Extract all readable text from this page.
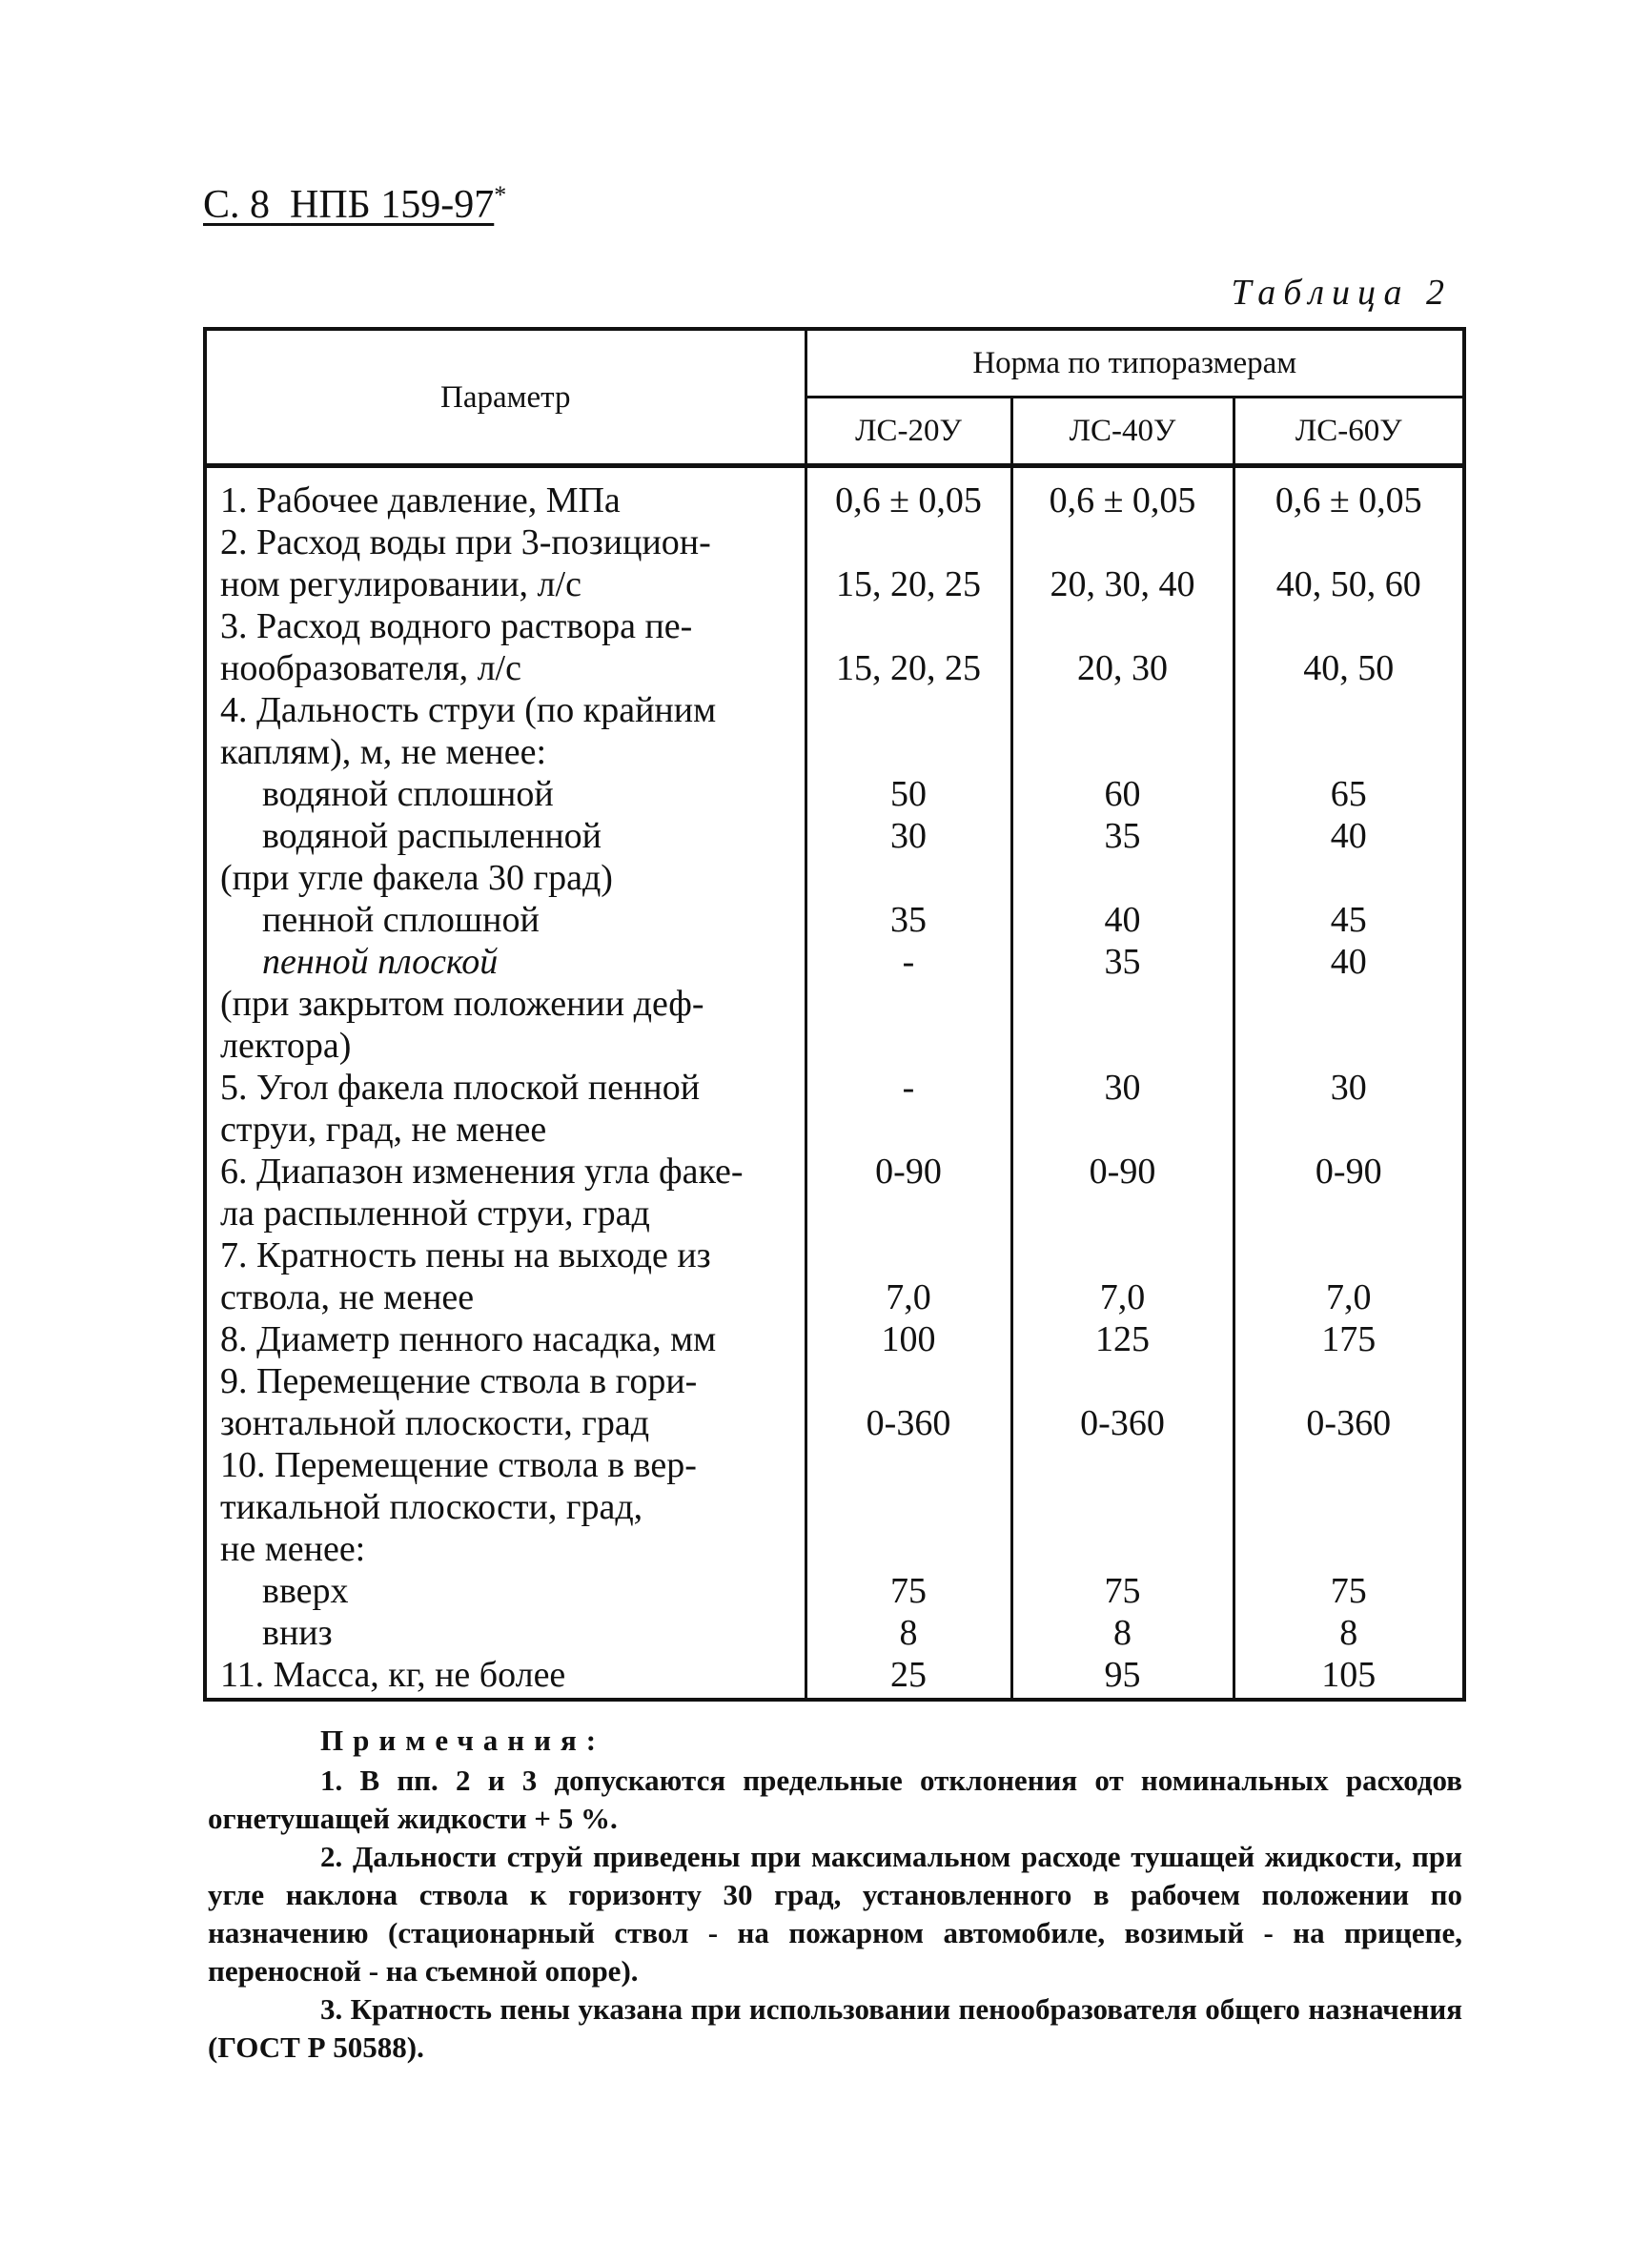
С. 8 НПБ 159-97*
Таблица 2
Параметр	Норма по типоразмерам		
	ЛС-20У	ЛС-40У	ЛС-60У
1. Рабочее давление, МПа	0,6 ± 0,05	0,6 ± 0,05	0,6 ± 0,05
2. Расход воды при 3-позицион-			
ном регулировании, л/с	15, 20, 25	20, 30, 40	40, 50, 60
3. Расход водного раствора пе-			
нообразователя, л/с	15, 20, 25	20, 30	40, 50
4. Дальность струи (по крайним			
каплям), м, не менее:			
водяной сплошной	50	60	65
водяной распыленной	30	35	40
(при угле факела 30 град)			
пенной сплошной	35	40	45
пенной плоской	-	35	40
(при закрытом положении деф-			
лектора)			
5. Угол факела плоской пенной	-	30	30
струи, град, не менее			
6. Диапазон изменения угла факе-	0-90	0-90	0-90
ла распыленной струи, град			
7. Кратность пены на выходе из			
ствола, не менее	7,0	7,0	7,0
8. Диаметр пенного насадка, мм	100	125	175
9. Перемещение ствола в гори-			
зонтальной плоскости, град	0-360	0-360	0-360
10. Перемещение ствола в вер-			
тикальной плоскости, град,			
не менее:			
вверх	75	75	75
вниз	8	8	8
11. Масса, кг, не более	25	95	105
Примечания:

1. В пп. 2 и 3 допускаются предельные отклонения от номинальных расходов огнетушащей жидкости + 5 %.

2. Дальности струй приведены при максимальном расходе тушащей жидкости, при угле наклона ствола к горизонту 30 град, установленного в рабочем положении по назначению (стационарный ствол - на пожарном автомобиле, возимый - на прицепе, переносной - на съемной опоре).

3. Кратность пены указана при использовании пенообразователя общего назначения (ГОСТ Р 50588).
